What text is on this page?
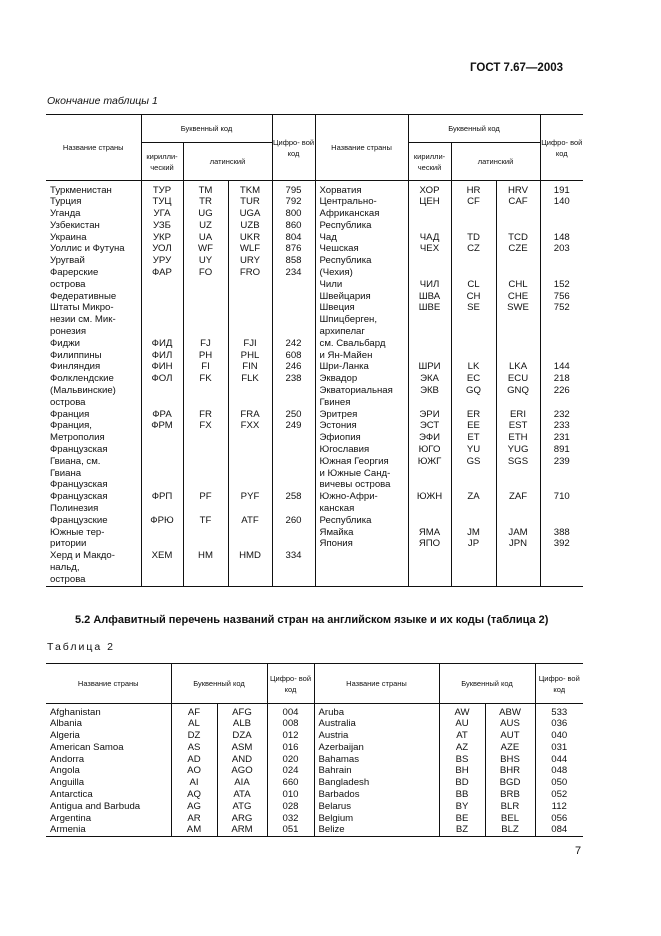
ГОСТ 7.67—2003
Окончание таблицы 1
Название страны	Буквенный код			Цифро- вой код	Название страны	Буквенный код			Цифро- вой код
	кирилли- ческий	латинский				кирилли- ческий	латинский		

Туркменистан	ТУР	TM	TKM	795	Хорватия	ХОР	HR	HRV	191
Турция	ТУЦ	TR	TUR	792	Центрально-	ЦЕН	CF	CAF	140
Уганда	УГА	UG	UGA	800	Африканская				
Узбекистан	УЗБ	UZ	UZB	860	Республика				
Украина	УКР	UA	UKR	804	Чад	ЧАД	TD	TCD	148
Уоллис и Футуна	УОЛ	WF	WLF	876	Чешская	ЧЕХ	CZ	CZE	203
Уругвай	УРУ	UY	URY	858	Республика				
Фарерские	ФАР	FO	FRO	234	(Чехия)				
острова					Чили	ЧИЛ	CL	CHL	152
Федеративные					Швейцария	ШВА	CH	CHE	756
Штаты Микро-					Швеция	ШВЕ	SE	SWE	752
незии см. Мик-					Шпицберген,				
ронезия					архипелаг				
Фиджи	ФИД	FJ	FJI	242	см. Свальбард				
Филиппины	ФИЛ	PH	PHL	608	и Ян-Майен				
Финляндия	ФИН	FI	FIN	246	Шри-Ланка	ШРИ	LK	LKA	144
Фолклендские	ФОЛ	FK	FLK	238	Эквадор	ЭКА	EC	ECU	218
(Мальвинские)					Экваториальная	ЭКВ	GQ	GNQ	226
острова					Гвинея				
Франция	ФРА	FR	FRA	250	Эритрея	ЭРИ	ER	ERI	232
Франция,	ФРМ	FX	FXX	249	Эстония	ЭСТ	EE	EST	233
Метрополия					Эфиопия	ЭФИ	ET	ETH	231
Французская					Югославия	ЮГО	YU	YUG	891
Гвиана, см.					Южная Георгия	ЮЖГ	GS	SGS	239
Гвиана					и Южные Санд-				
Французская					вичевы острова				
Французская	ФРП	PF	PYF	258	Южно-Афри-	ЮЖН	ZA	ZAF	710
Полинезия					канская				
Французские	ФРЮ	TF	ATF	260	Республика				
Южные тер-					Ямайка	ЯМА	JM	JAM	388
ритории					Япония	ЯПО	JP	JPN	392
Херд и Макдо-	ХЕМ	HM	HMD	334					
нальд,									
острова									
5.2 Алфавитный перечень названий стран на английском языке и их коды (таблица 2)
Таблица 2
Название страны	Буквенный код		Цифро- вой код	Название страны	Буквенный код		Цифро- вой код

Afghanistan	AF	AFG	004	Aruba	AW	ABW	533
Albania	AL	ALB	008	Australia	AU	AUS	036
Algeria	DZ	DZA	012	Austria	AT	AUT	040
American Samoa	AS	ASM	016	Azerbaijan	AZ	AZE	031
Andorra	AD	AND	020	Bahamas	BS	BHS	044
Angola	AO	AGO	024	Bahrain	BH	BHR	048
Anguilla	AI	AIA	660	Bangladesh	BD	BGD	050
Antarctica	AQ	ATA	010	Barbados	BB	BRB	052
Antigua and Barbuda	AG	ATG	028	Belarus	BY	BLR	112
Argentina	AR	ARG	032	Belgium	BE	BEL	056
Armenia	AM	ARM	051	Belize	BZ	BLZ	084
7
